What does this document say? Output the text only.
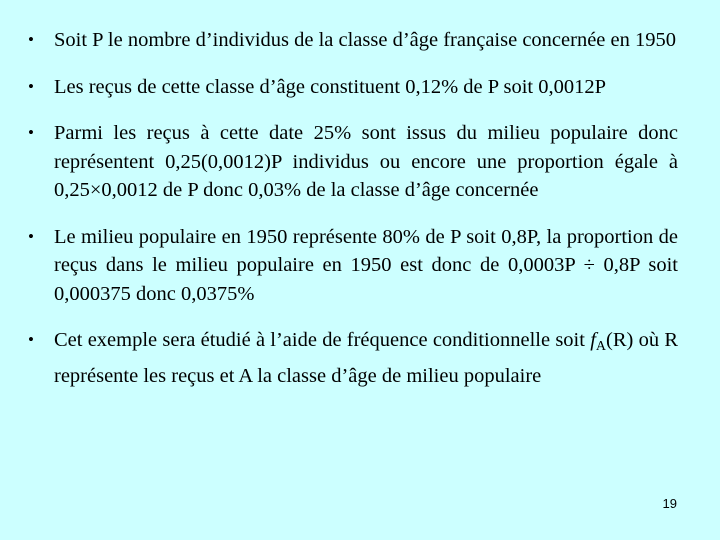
• Soit P le nombre d’individus de la classe d’âge française concernée en 1950
• Les reçus de cette classe d’âge constituent 0,12% de P soit 0,0012P
• Parmi les reçus à cette date 25% sont issus du milieu populaire donc représentent 0,25(0,0012)P individus ou encore une proportion égale à 0,25×0,0012 de P donc 0,03% de la classe d’âge concernée
• Le milieu populaire en 1950 représente 80% de P soit 0,8P, la proportion de reçus dans le milieu populaire en 1950 est donc de 0,0003P ÷ 0,8P soit 0,000375 donc 0,0375%
• Cet exemple sera étudié à l’aide de fréquence conditionnelle soit $f_A(R)$ où R représente les reçus et A la classe d’âge de milieu populaire
19
